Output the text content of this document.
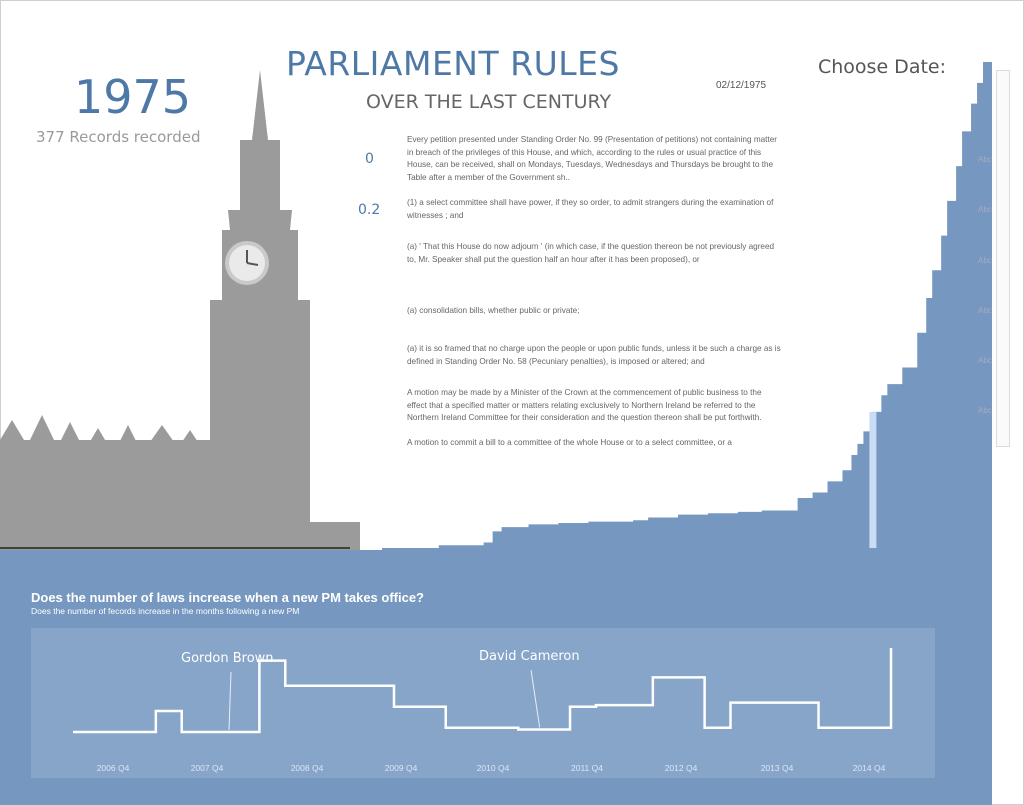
1975
377 Records recorded
PARLIAMENT RULES
OVER THE LAST CENTURY
02/12/1975
Choose Date:
0
0.2
Every petition presented under Standing Order No. 99 (Presentation of petitions) not containing matter in breach of the privileges of this House, and which, according to the rules or usual practice of this House, can be received, shall on Mondays, Tuesdays, Wednesdays and Thursdays be brought to the Table after a member of the Government sh..
(1) a select committee shall have power, if they so order, to admit strangers during the examination of witnesses ; and
(a) ' That this House do now adjourn ' (in which case, if the question thereon be not previously agreed to, Mr. Speaker shall put the question half an hour after it has been proposed), or
(a) consolidation bills, whether public or private;
(a) it is so framed that no charge upon the people or upon public funds, unless it be such a charge as is defined in Standing Order No. 58 (Pecuniary penalties), is imposed or altered; and
A motion may be made by a Minister of the Crown at the commencement of public business to the effect that a specified matter or matters relating exclusively to Northern Ireland be referred to the Northern Ireland Committee for their consideration and the question thereon shall be put forthwith.
A motion to commit a bill to a committee of the whole House or to a select committee, or a
Abc
Abc
Abc
Abc
Abc
Abc
Does the number of laws increase when a new PM takes office?
Does the number of fecords increase in the months following a new PM
Gordon Brown	David Cameron
2006 Q4	2007 Q4	2008 Q4	2009 Q4	2010 Q4	2011 Q4	2012 Q4	2013 Q4	2014 Q4
